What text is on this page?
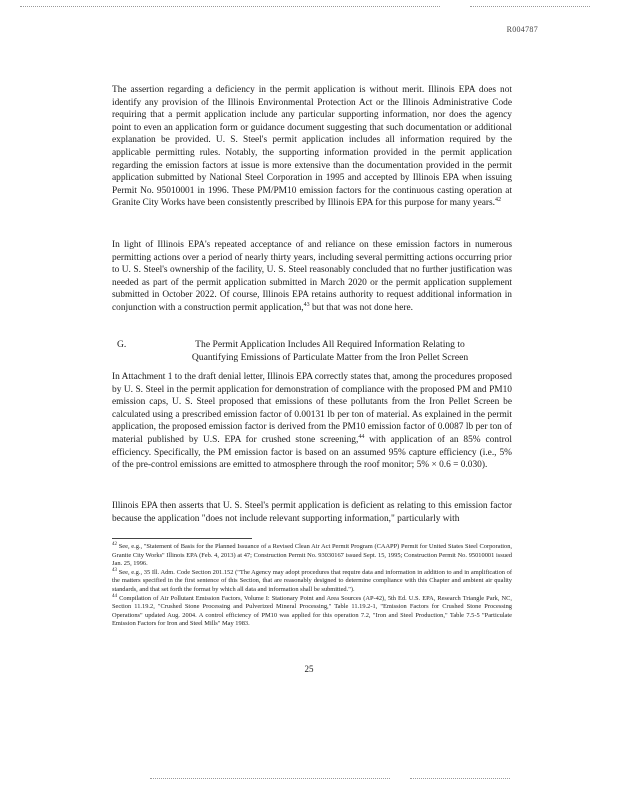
R004787

The assertion regarding a deficiency in the permit application is without merit. Illinois EPA does not identify any provision of the Illinois Environmental Protection Act or the Illinois Administrative Code requiring that a permit application include any particular supporting information, nor does the agency point to even an application form or guidance document suggesting that such documentation or additional explanation be provided. U. S. Steel's permit application includes all information required by the applicable permitting rules. Notably, the supporting information provided in the permit application regarding the emission factors at issue is more extensive than the documentation provided in the permit application submitted by National Steel Corporation in 1995 and accepted by Illinois EPA when issuing Permit No. 95010001 in 1996. These PM/PM10 emission factors for the continuous casting operation at Granite City Works have been consistently prescribed by Illinois EPA for this purpose for many years.$^{42}$

In light of Illinois EPA's repeated acceptance of and reliance on these emission factors in numerous permitting actions over a period of nearly thirty years, including several permitting actions occurring prior to U. S. Steel's ownership of the facility, U. S. Steel reasonably concluded that no further justification was needed as part of the permit application submitted in March 2020 or the permit application supplement submitted in October 2022. Of course, Illinois EPA retains authority to request additional information in conjunction with a construction permit application,$^{43}$ but that was not done here.

G.	The Permit Application Includes All Required Information Relating to
Quantifying Emissions of Particulate Matter from the Iron Pellet Screen

In Attachment 1 to the draft denial letter, Illinois EPA correctly states that, among the procedures proposed by U. S. Steel in the permit application for demonstration of compliance with the proposed PM and PM10 emission caps, U. S. Steel proposed that emissions of these pollutants from the Iron Pellet Screen be calculated using a prescribed emission factor of 0.00131 lb per ton of material. As explained in the permit application, the proposed emission factor is derived from the PM10 emission factor of 0.0087 lb per ton of material published by U.S. EPA for crushed stone screening,$^{44}$ with application of an 85% control efficiency. Specifically, the PM emission factor is based on an assumed 95% capture efficiency (i.e., 5% of the pre-control emissions are emitted to atmosphere through the roof monitor; 5% × 0.6 = 0.030).

Illinois EPA then asserts that U. S. Steel's permit application is deficient as relating to this emission factor because the application "does not include relevant supporting information," particularly with

$^{42}$ See, e.g., "Statement of Basis for the Planned Issuance of a Revised Clean Air Act Permit Program (CAAPP) Permit for United States Steel Corporation, Granite City Works" Illinois EPA (Feb. 4, 2013) at 47; Construction Permit No. 93030167 issued Sept. 15, 1995; Construction Permit No. 95010001 issued Jan. 25, 1996.

$^{43}$ See, e.g., 35 Ill. Adm. Code Section 201.152 ("The Agency may adopt procedures that require data and information in addition to and in amplification of the matters specified in the first sentence of this Section, that are reasonably designed to determine compliance with this Chapter and ambient air quality standards, and that set forth the format by which all data and information shall be submitted.").

$^{44}$ Compilation of Air Pollutant Emission Factors, Volume I: Stationary Point and Area Sources (AP-42), 5th Ed. U.S. EPA, Research Triangle Park, NC, Section 11.19.2, "Crushed Stone Processing and Pulverized Mineral Processing," Table 11.19.2-1, "Emission Factors for Crushed Stone Processing Operations" updated Aug. 2004. A control efficiency of PM10 was applied for this operation 7.2, "Iron and Steel Production," Table 7.5-5 "Particulate Emission Factors for Iron and Steel Mills" May 1983.

25
